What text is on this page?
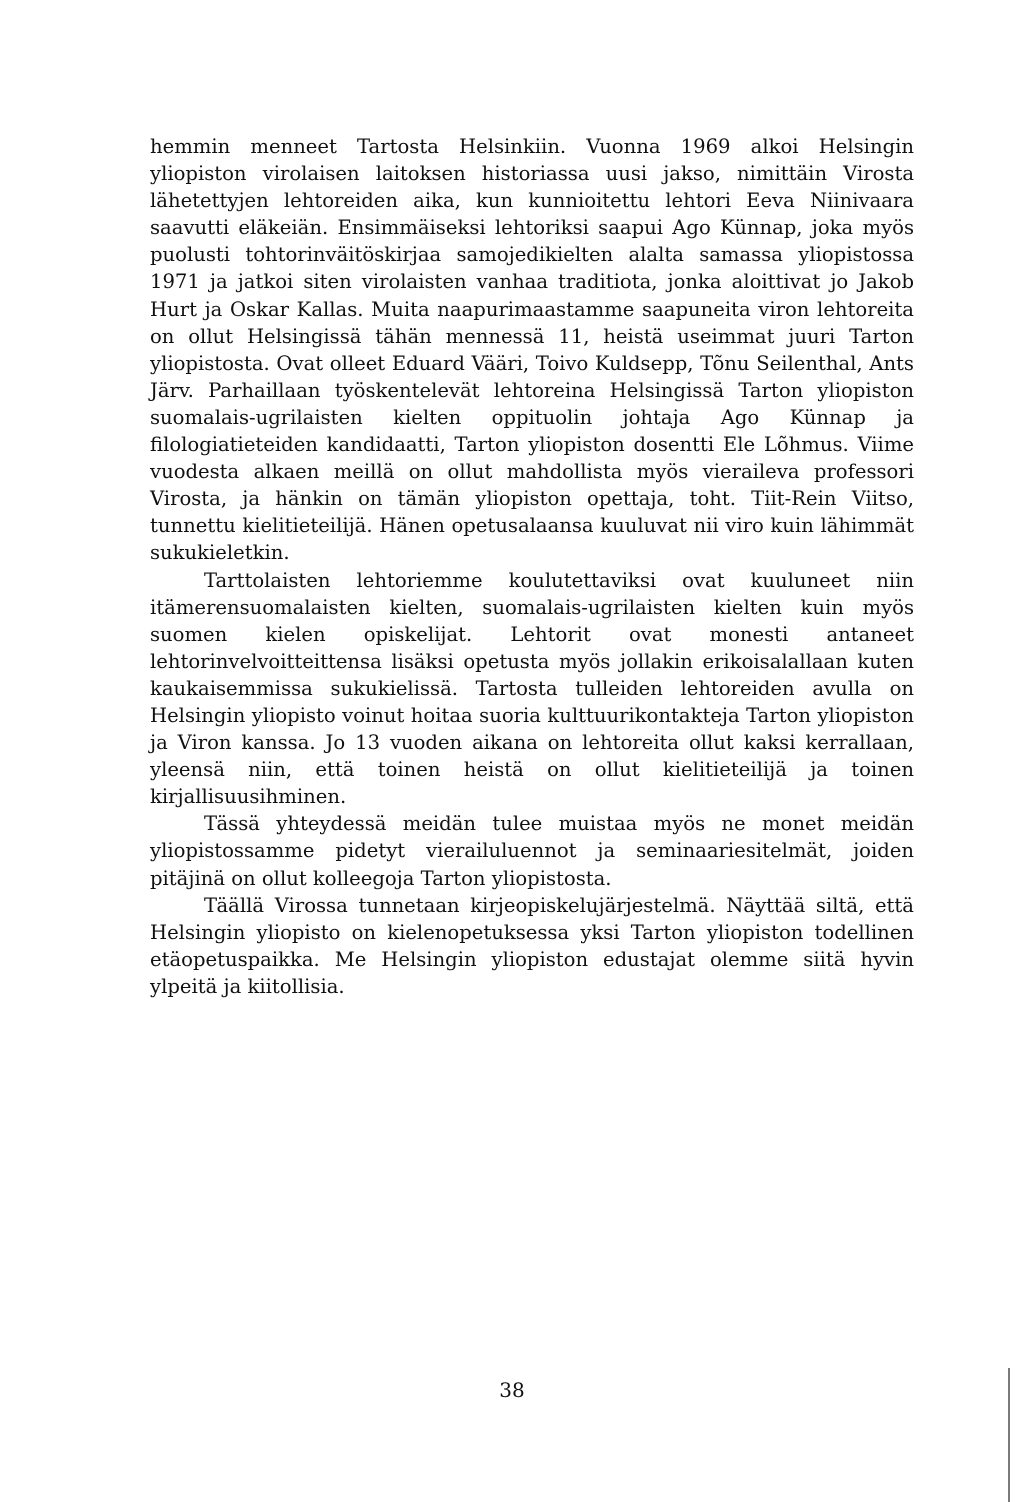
hemmin menneet Tartosta Helsinkiin. Vuonna 1969 alkoi Helsingin yliopiston virolaisen laitoksen historiassa uusi jakso, nimittäin Virosta lähetettyjen lehtoreiden aika, kun kunnioitettu lehtori Eeva Niinivaara saavutti eläkeiän. Ensimmäiseksi lehtoriksi saapui Ago Künnap, joka myös puolusti tohtorinväitöskirjaa samojedikielten alalta samassa yliopistossa 1971 ja jatkoi siten virolaisten vanhaa traditiota, jonka aloittivat jo Jakob Hurt ja Oskar Kallas. Muita naapurimaastamme saapuneita viron lehtoreita on ollut Helsingissä tähän mennessä 11, heistä useimmat juuri Tarton yliopistosta. Ovat olleet Eduard Vääri, Toivo Kuldsepp, Tõnu Seilenthal, Ants Järv. Parhaillaan työskentelevät lehtoreina Helsingissä Tarton yliopiston suomalais-ugrilaisten kielten oppituolin johtaja Ago Künnap ja filologiatieteiden kandidaatti, Tarton yliopiston dosentti Ele Lõhmus. Viime vuodesta alkaen meillä on ollut mahdollista myös vieraileva professori Virosta, ja hänkin on tämän yliopiston opettaja, toht. Tiit-Rein Viitso, tunnettu kielitieteilijä. Hänen opetusalaansa kuuluvat nii viro kuin lähimmät sukukieletkin.

Tarttolaisten lehtoriemme koulutettaviksi ovat kuuluneet niin itämerensuomalaisten kielten, suomalais-ugrilaisten kielten kuin myös suomen kielen opiskelijat. Lehtorit ovat monesti antaneet lehtorinvelvoitteittensa lisäksi opetusta myös jollakin erikoisalallaan kuten kaukaisemmissa sukukielissä. Tartosta tulleiden lehtoreiden avulla on Helsingin yliopisto voinut hoitaa suoria kulttuurikontakteja Tarton yliopiston ja Viron kanssa. Jo 13 vuoden aikana on lehtoreita ollut kaksi kerrallaan, yleensä niin, että toinen heistä on ollut kielitieteilijä ja toinen kirjallisuusihminen.

Tässä yhteydessä meidän tulee muistaa myös ne monet meidän yliopistossamme pidetyt vierailuluennot ja seminaariesitelmät, joiden pitäjinä on ollut kolleegoja Tarton yliopistosta.

Täällä Virossa tunnetaan kirjeopiskelujärjestelmä. Näyttää siltä, että Helsingin yliopisto on kielenopetuksessa yksi Tarton yliopiston todellinen etäopetuspaikka. Me Helsingin yliopiston edustajat olemme siitä hyvin ylpeitä ja kiitollisia.

38
